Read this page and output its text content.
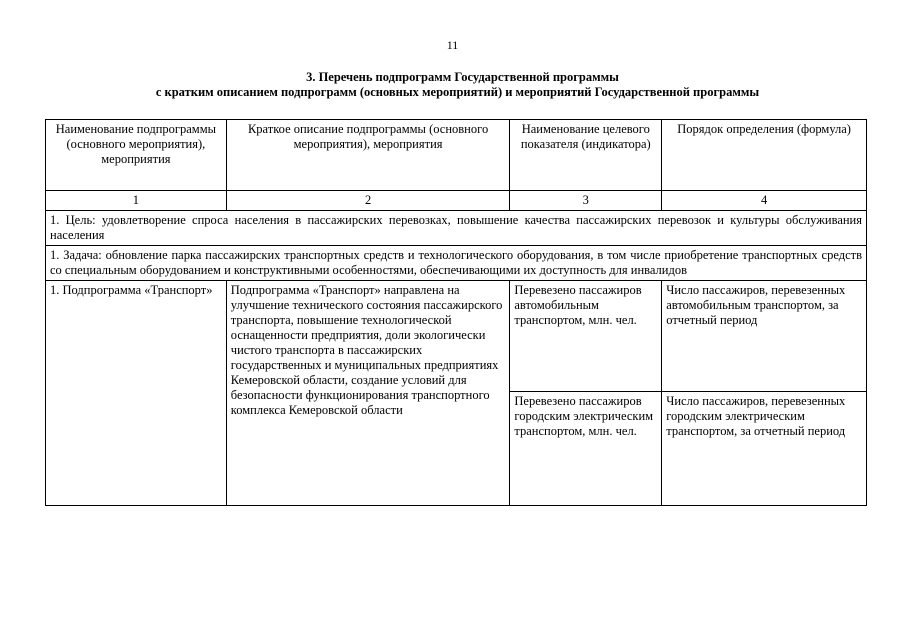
11
3. Перечень подпрограмм Государственной программы
с кратким описанием подпрограмм (основных мероприятий) и мероприятий Государственной программы
Наименование подпрограммы (основного мероприятия), мероприятия	Краткое описание подпрограммы (основного мероприятия), мероприятия	Наименование целевого показателя (индикатора)	Порядок определения (формула)
1	2	3	4
1. Цель: удовлетворение спроса населения в пассажирских перевозках, повышение качества пассажирских перевозок и культуры обслуживания населения			
1. Задача: обновление парка пассажирских транспортных средств и технологического оборудования, в том числе приобретение транспортных средств со специальным оборудованием и конструктивными особенностями, обеспечивающими их доступность для инвалидов			
1. Подпрограмма «Транспорт»	Подпрограмма «Транспорт» направлена на улучшение технического состояния пассажирского транспорта, повышение технологической оснащенности предприятия, доли экологически чистого транспорта в пассажирских государственных и муниципальных предприятиях Кемеровской области, создание условий для безопасности функционирования транспортного комплекса Кемеровской области	Перевезено пассажиров автомобильным транспортом, млн. чел.	Число пассажиров, перевезенных автомобильным транспортом, за отчетный период
		Перевезено пассажиров городским электрическим транспортом, млн. чел.	Число пассажиров, перевезенных городским электрическим транспортом, за отчетный период
